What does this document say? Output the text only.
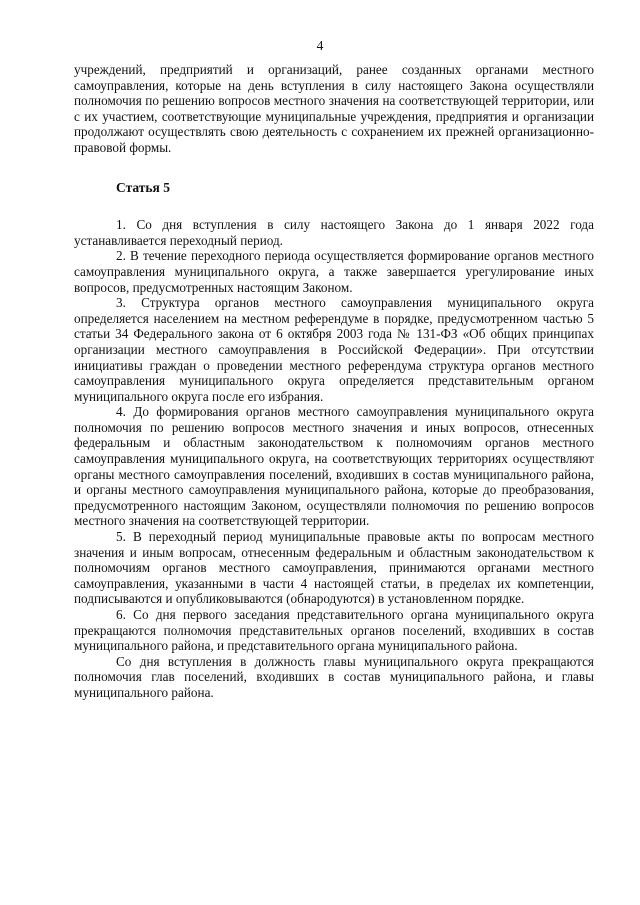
4

учреждений, предприятий и организаций, ранее созданных органами местного самоуправления, которые на день вступления в силу настоящего Закона осуществляли полномочия по решению вопросов местного значения на соответствующей территории, или с их участием, соответствующие муниципальные учреждения, предприятия и организации продолжают осуществлять свою деятельность с сохранением их прежней организационно-правовой формы.

Статья 5

1. Со дня вступления в силу настоящего Закона до 1 января 2022 года устанавливается переходный период.

2. В течение переходного периода осуществляется формирование органов местного самоуправления муниципального округа, а также завершается урегулирование иных вопросов, предусмотренных настоящим Законом.

3. Структура органов местного самоуправления муниципального округа определяется населением на местном референдуме в порядке, предусмотренном частью 5 статьи 34 Федерального закона от 6 октября 2003 года № 131-ФЗ «Об общих принципах организации местного самоуправления в Российской Федерации». При отсутствии инициативы граждан о проведении местного референдума структура органов местного самоуправления муниципального округа определяется представительным органом муниципального округа после его избрания.

4. До формирования органов местного самоуправления муниципального округа полномочия по решению вопросов местного значения и иных вопросов, отнесенных федеральным и областным законодательством к полномочиям органов местного самоуправления муниципального округа, на соответствующих территориях осуществляют органы местного самоуправления поселений, входивших в состав муниципального района, и органы местного самоуправления муниципального района, которые до преобразования, предусмотренного настоящим Законом, осуществляли полномочия по решению вопросов местного значения на соответствующей территории.

5. В переходный период муниципальные правовые акты по вопросам местного значения и иным вопросам, отнесенным федеральным и областным законодательством к полномочиям органов местного самоуправления, принимаются органами местного самоуправления, указанными в части 4 настоящей статьи, в пределах их компетенции, подписываются и опубликовываются (обнародуются) в установленном порядке.

6. Со дня первого заседания представительного органа муниципального округа прекращаются полномочия представительных органов поселений, входивших в состав муниципального района, и представительного органа муниципального района.

Со дня вступления в должность главы муниципального округа прекращаются полномочия глав поселений, входивших в состав муниципального района, и главы муниципального района.
